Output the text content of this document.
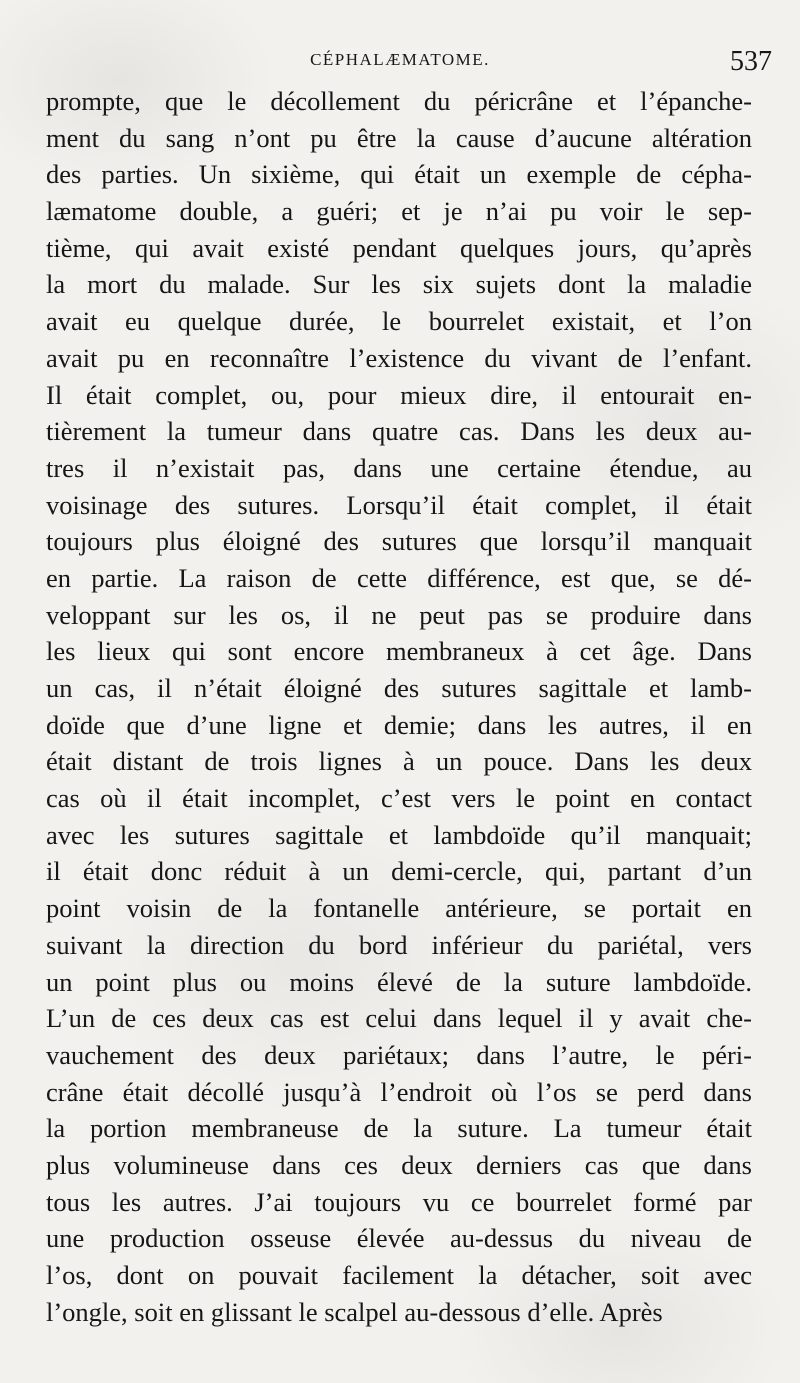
CÉPHALÆMATOME.	537
prompte, que le décollement du péricrâne et l’épanche-
ment du sang n’ont pu être la cause d’aucune altération
des parties. Un sixième, qui était un exemple de cépha-
læmatome double, a guéri; et je n’ai pu voir le sep-
tième, qui avait existé pendant quelques jours, qu’après
la mort du malade. Sur les six sujets dont la maladie
avait eu quelque durée, le bourrelet existait, et l’on
avait pu en reconnaître l’existence du vivant de l’enfant.
Il était complet, ou, pour mieux dire, il entourait en-
tièrement la tumeur dans quatre cas. Dans les deux au-
tres il n’existait pas, dans une certaine étendue, au
voisinage des sutures. Lorsqu’il était complet, il était
toujours plus éloigné des sutures que lorsqu’il manquait
en partie. La raison de cette différence, est que, se dé-
veloppant sur les os, il ne peut pas se produire dans
les lieux qui sont encore membraneux à cet âge. Dans
un cas, il n’était éloigné des sutures sagittale et lamb-
doïde que d’une ligne et demie; dans les autres, il en
était distant de trois lignes à un pouce. Dans les deux
cas où il était incomplet, c’est vers le point en contact
avec les sutures sagittale et lambdoïde qu’il manquait;
il était donc réduit à un demi-cercle, qui, partant d’un
point voisin de la fontanelle antérieure, se portait en
suivant la direction du bord inférieur du pariétal, vers
un point plus ou moins élevé de la suture lambdoïde.
L’un de ces deux cas est celui dans lequel il y avait che-
vauchement des deux pariétaux; dans l’autre, le péri-
crâne était décollé jusqu’à l’endroit où l’os se perd dans
la portion membraneuse de la suture. La tumeur était
plus volumineuse dans ces deux derniers cas que dans
tous les autres. J’ai toujours vu ce bourrelet formé par
une production osseuse élevée au-dessus du niveau de
l’os, dont on pouvait facilement la détacher, soit avec
l’ongle, soit en glissant le scalpel au-dessous d’elle. Après
